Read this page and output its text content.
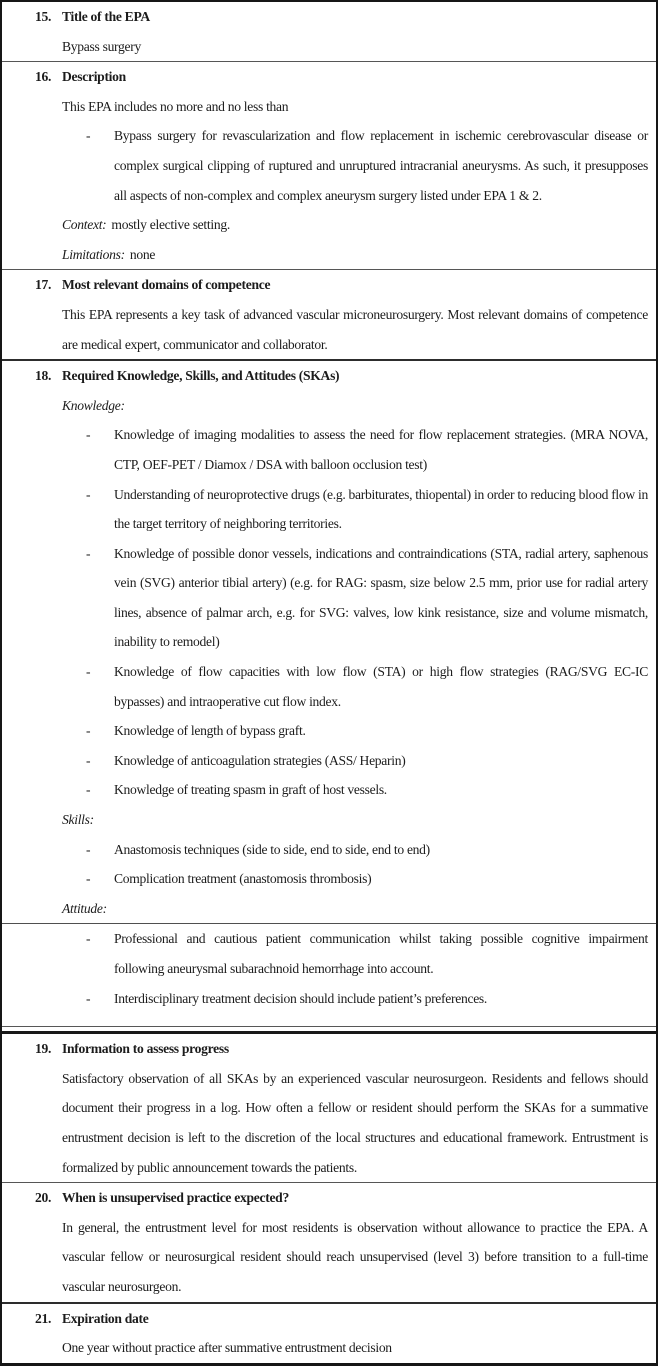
15. Title of the EPA

Bypass surgery

16. Description

This EPA includes no more and no less than

- Bypass surgery for revascularization and flow replacement in ischemic cerebrovascular disease or complex surgical clipping of ruptured and unruptured intracranial aneurysms. As such, it presupposes all aspects of non-complex and complex aneurysm surgery listed under EPA 1 & 2.

Context: mostly elective setting.

Limitations: none

17. Most relevant domains of competence

This EPA represents a key task of advanced vascular microneurosurgery. Most relevant domains of competence are medical expert, communicator and collaborator.

18. Required Knowledge, Skills, and Attitudes (SKAs)

Knowledge:

- Knowledge of imaging modalities to assess the need for flow replacement strategies. (MRA NOVA, CTP, OEF-PET / Diamox / DSA with balloon occlusion test)

- Understanding of neuroprotective drugs (e.g. barbiturates, thiopental) in order to reducing blood flow in the target territory of neighboring territories.

- Knowledge of possible donor vessels, indications and contraindications (STA, radial artery, saphenous vein (SVG) anterior tibial artery) (e.g. for RAG: spasm, size below 2.5 mm, prior use for radial artery lines, absence of palmar arch, e.g. for SVG: valves, low kink resistance, size and volume mismatch, inability to remodel)

- Knowledge of flow capacities with low flow (STA) or high flow strategies (RAG/SVG EC-IC bypasses) and intraoperative cut flow index.

- Knowledge of length of bypass graft.

- Knowledge of anticoagulation strategies (ASS/ Heparin)

- Knowledge of treating spasm in graft of host vessels.

Skills:

- Anastomosis techniques (side to side, end to side, end to end)

- Complication treatment (anastomosis thrombosis)

Attitude:

- Professional and cautious patient communication whilst taking possible cognitive impairment following aneurysmal subarachnoid hemorrhage into account.

- Interdisciplinary treatment decision should include patient’s preferences.

19. Information to assess progress

Satisfactory observation of all SKAs by an experienced vascular neurosurgeon. Residents and fellows should document their progress in a log. How often a fellow or resident should perform the SKAs for a summative entrustment decision is left to the discretion of the local structures and educational framework. Entrustment is formalized by public announcement towards the patients.

20. When is unsupervised practice expected?

In general, the entrustment level for most residents is observation without allowance to practice the EPA. A vascular fellow or neurosurgical resident should reach unsupervised (level 3) before transition to a full-time vascular neurosurgeon.

21. Expiration date

One year without practice after summative entrustment decision
